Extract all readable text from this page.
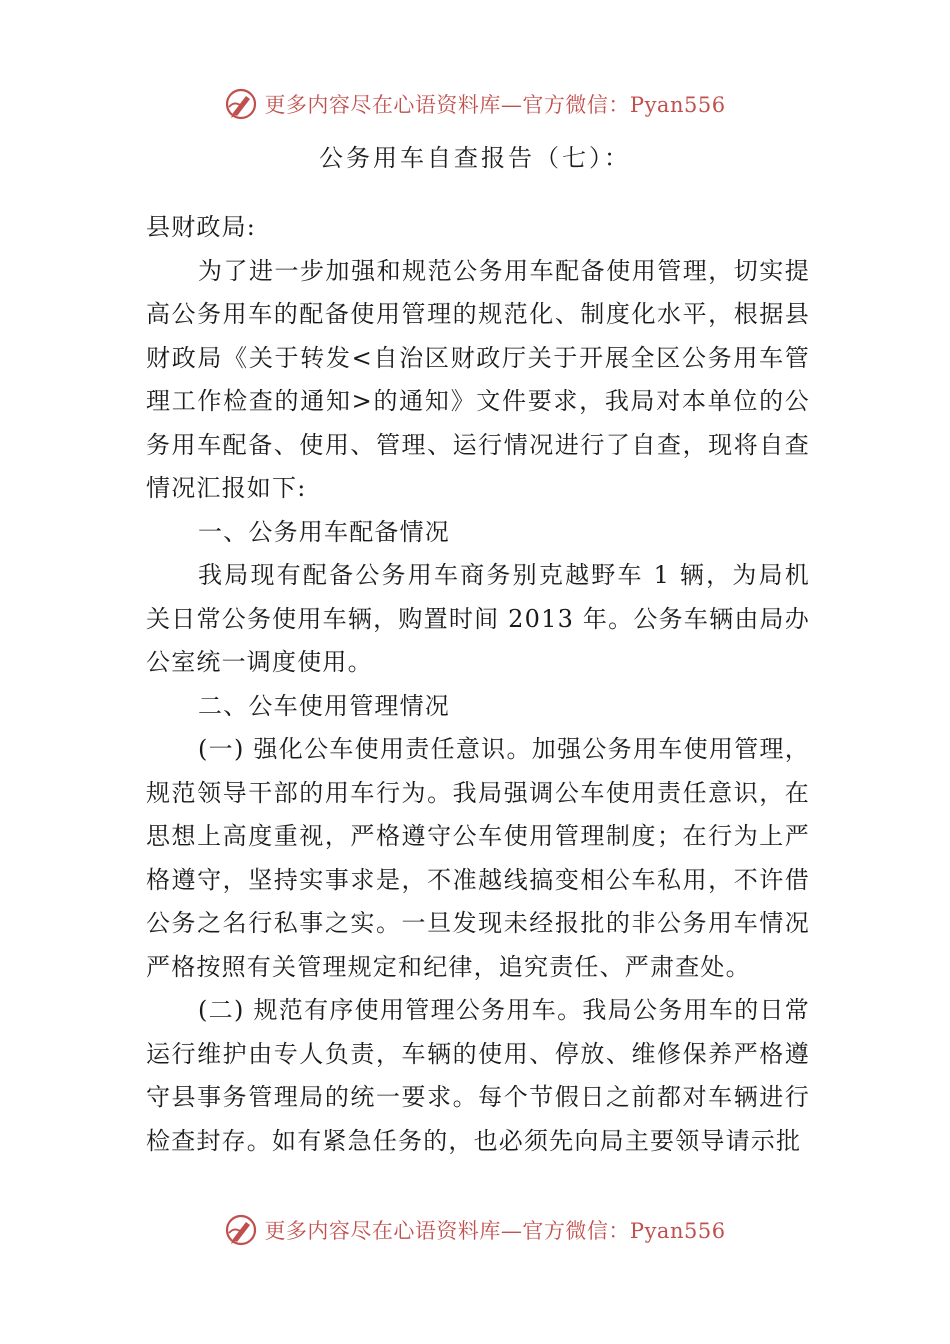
更多内容尽在心语资料库—官方微信：Pyan556
公务用车自查报告（七）：

县财政局:

为了进一步加强和规范公务用车配备使用管理，切实提高公务用车的配备使用管理的规范化、制度化水平，根据县财政局《关于转发<自治区财政厅关于开展全区公务用车管理工作检查的通知>的通知》文件要求，我局对本单位的公务用车配备、使用、管理、运行情况进行了自查，现将自查情况汇报如下:

一、公务用车配备情况

我局现有配备公务用车商务别克越野车 1 辆，为局机关日常公务使用车辆，购置时间 2013 年。公务车辆由局办公室统一调度使用。

二、公车使用管理情况

(一) 强化公车使用责任意识。加强公务用车使用管理，规范领导干部的用车行为。我局强调公车使用责任意识，在思想上高度重视，严格遵守公车使用管理制度；在行为上严格遵守，坚持实事求是，不准越线搞变相公车私用，不许借公务之名行私事之实。一旦发现未经报批的非公务用车情况严格按照有关管理规定和纪律，追究责任、严肃查处。

(二) 规范有序使用管理公务用车。我局公务用车的日常运行维护由专人负责，车辆的使用、停放、维修保养严格遵守县事务管理局的统一要求。每个节假日之前都对车辆进行检查封存。如有紧急任务的，也必须先向局主要领导请示批

更多内容尽在心语资料库—官方微信：Pyan556
